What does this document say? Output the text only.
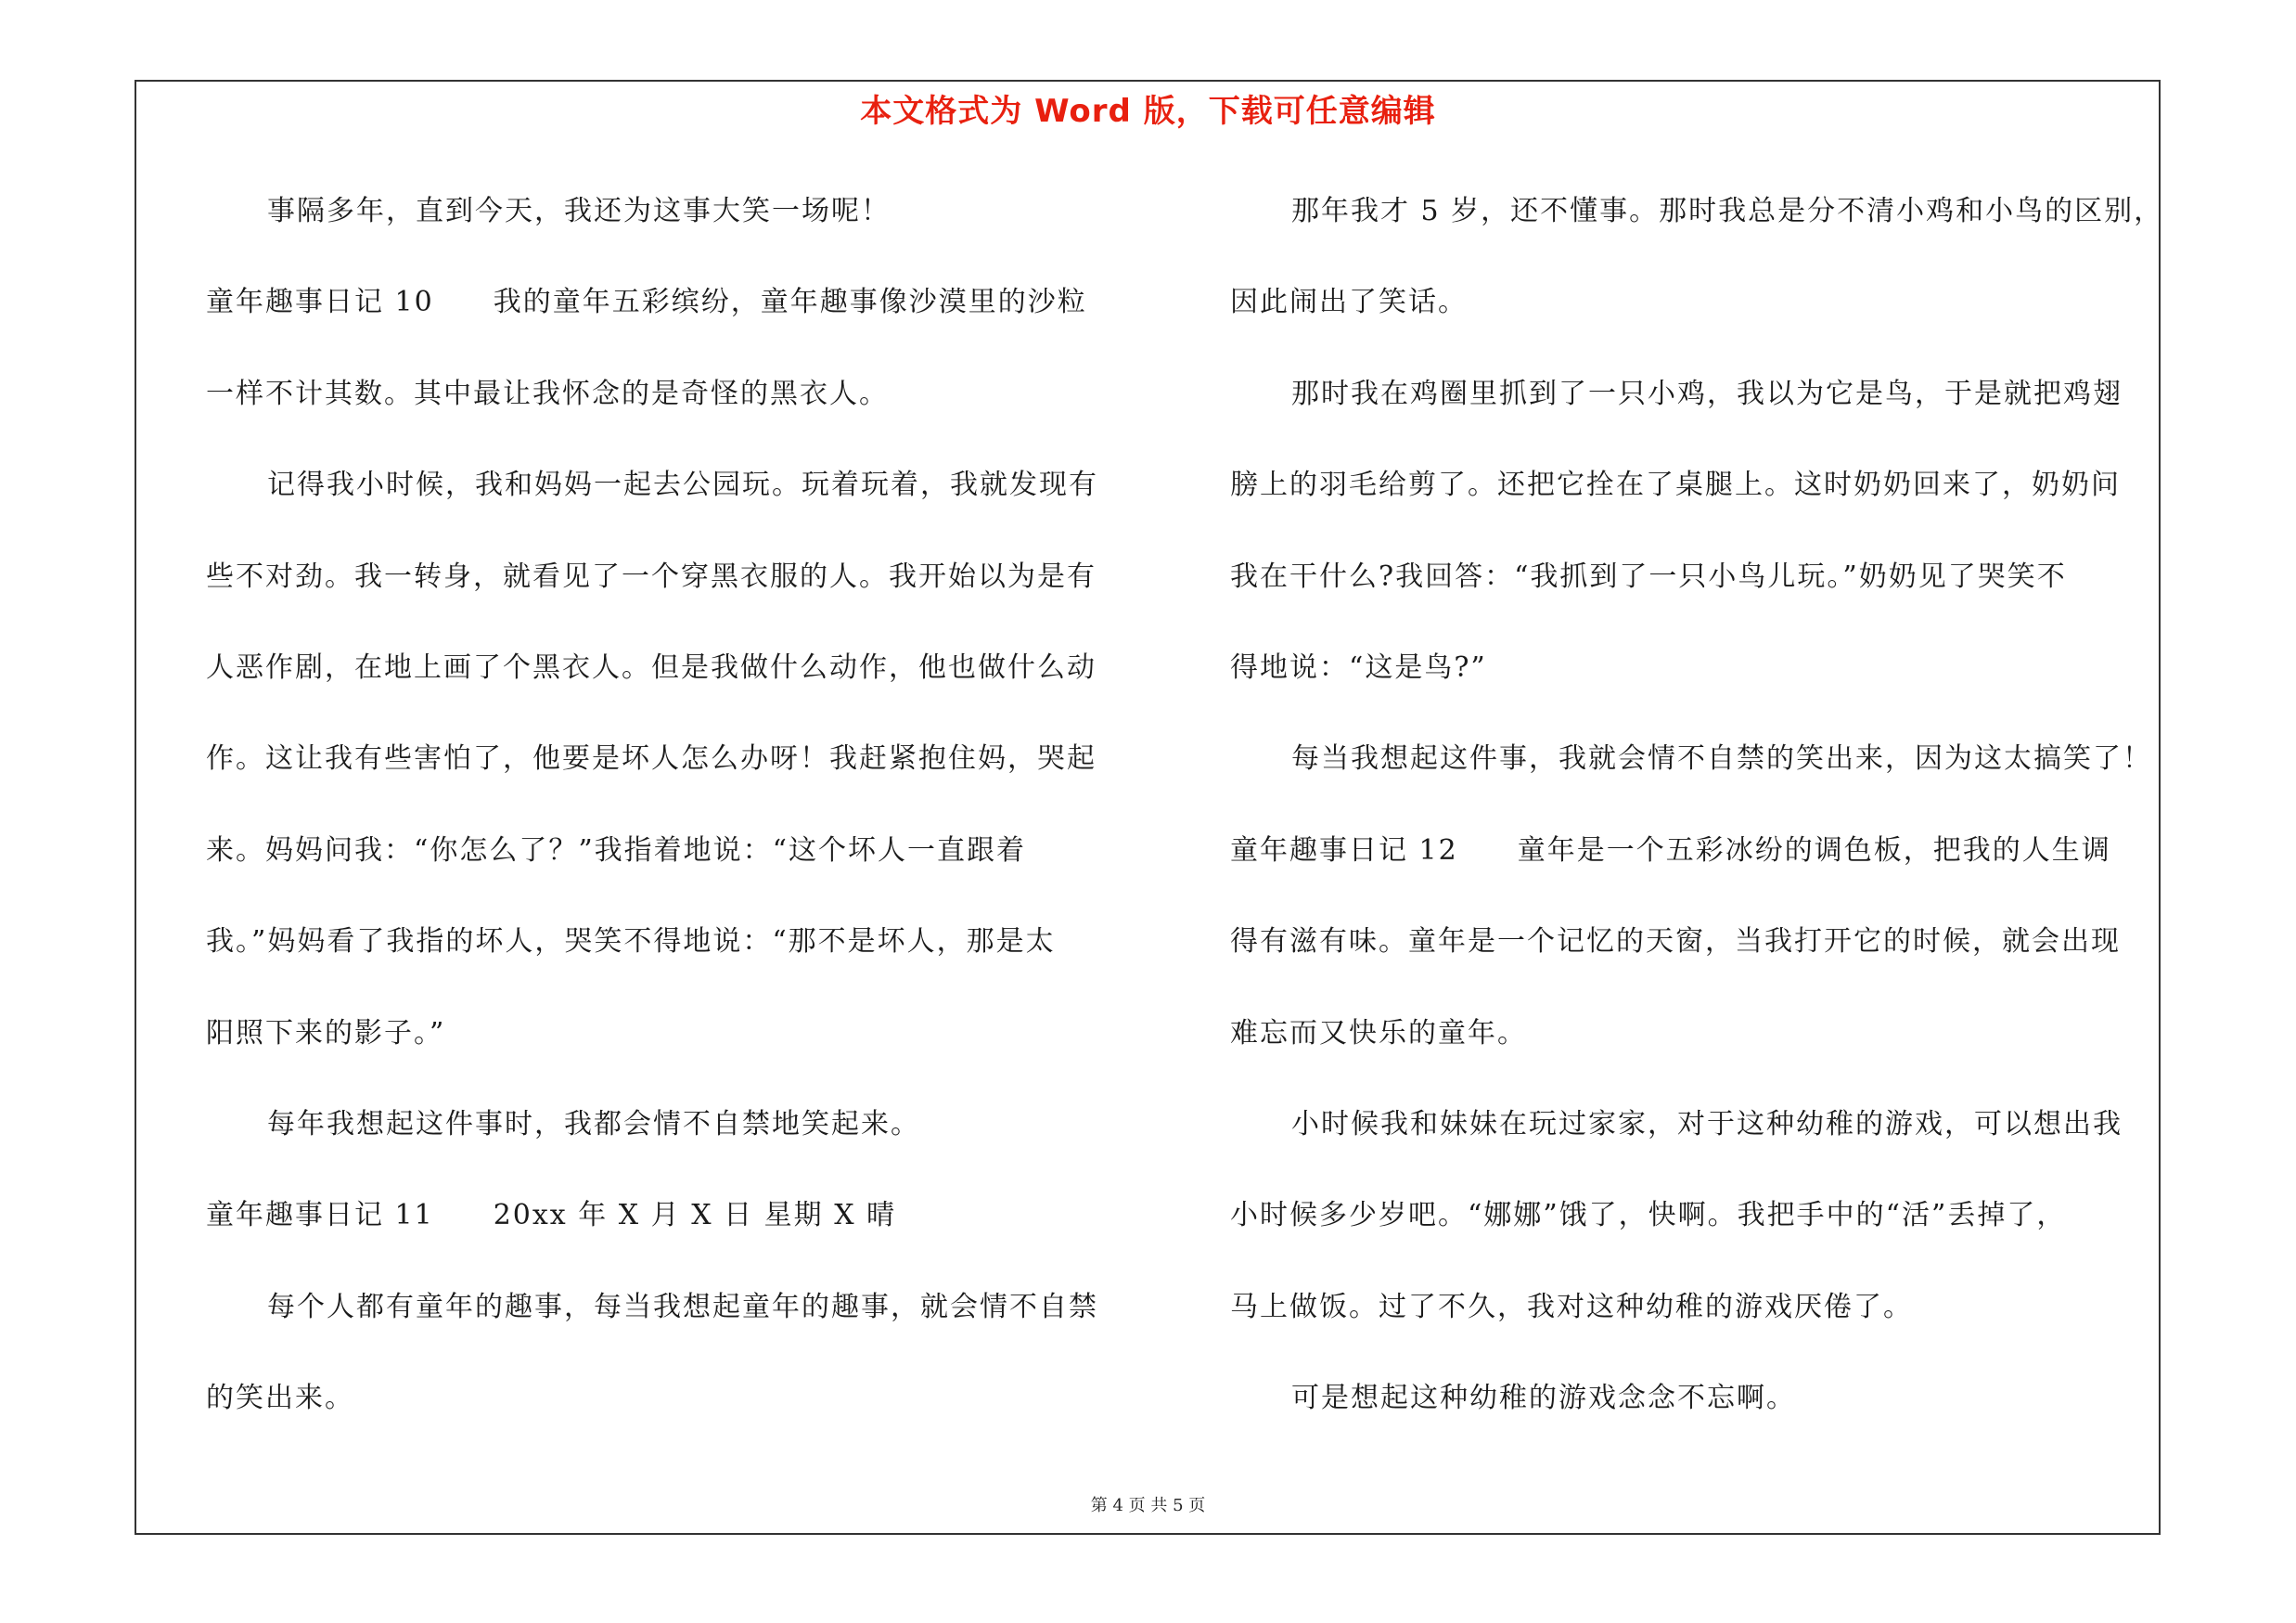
本文格式为 Word 版，下载可任意编辑
事隔多年，直到今天，我还为这事大笑一场呢！
童年趣事日记 10　　我的童年五彩缤纷，童年趣事像沙漠里的沙粒
一样不计其数。其中最让我怀念的是奇怪的黑衣人。
记得我小时候，我和妈妈一起去公园玩。玩着玩着，我就发现有
些不对劲。我一转身，就看见了一个穿黑衣服的人。我开始以为是有
人恶作剧，在地上画了个黑衣人。但是我做什么动作，他也做什么动
作。这让我有些害怕了，他要是坏人怎么办呀！我赶紧抱住妈，哭起
来。妈妈问我：“你怎么了？”我指着地说：“这个坏人一直跟着
我。”妈妈看了我指的坏人，哭笑不得地说：“那不是坏人，那是太
阳照下来的影子。”
每年我想起这件事时，我都会情不自禁地笑起来。
童年趣事日记 11　　20xx 年 X 月 X 日 星期 X 晴
每个人都有童年的趣事，每当我想起童年的趣事，就会情不自禁
的笑出来。
那年我才 5 岁，还不懂事。那时我总是分不清小鸡和小鸟的区别，
因此闹出了笑话。
那时我在鸡圈里抓到了一只小鸡，我以为它是鸟，于是就把鸡翅
膀上的羽毛给剪了。还把它拴在了桌腿上。这时奶奶回来了，奶奶问
我在干什么?我回答：“我抓到了一只小鸟儿玩。”奶奶见了哭笑不
得地说：“这是鸟?”
每当我想起这件事，我就会情不自禁的笑出来，因为这太搞笑了！
童年趣事日记 12　　童年是一个五彩冰纷的调色板，把我的人生调
得有滋有味。童年是一个记忆的天窗，当我打开它的时候，就会出现
难忘而又快乐的童年。
小时候我和妹妹在玩过家家，对于这种幼稚的游戏，可以想出我
小时候多少岁吧。“娜娜”饿了，快啊。我把手中的“活”丢掉了，
马上做饭。过了不久，我对这种幼稚的游戏厌倦了。
可是想起这种幼稚的游戏念念不忘啊。
第 4 页 共 5 页
